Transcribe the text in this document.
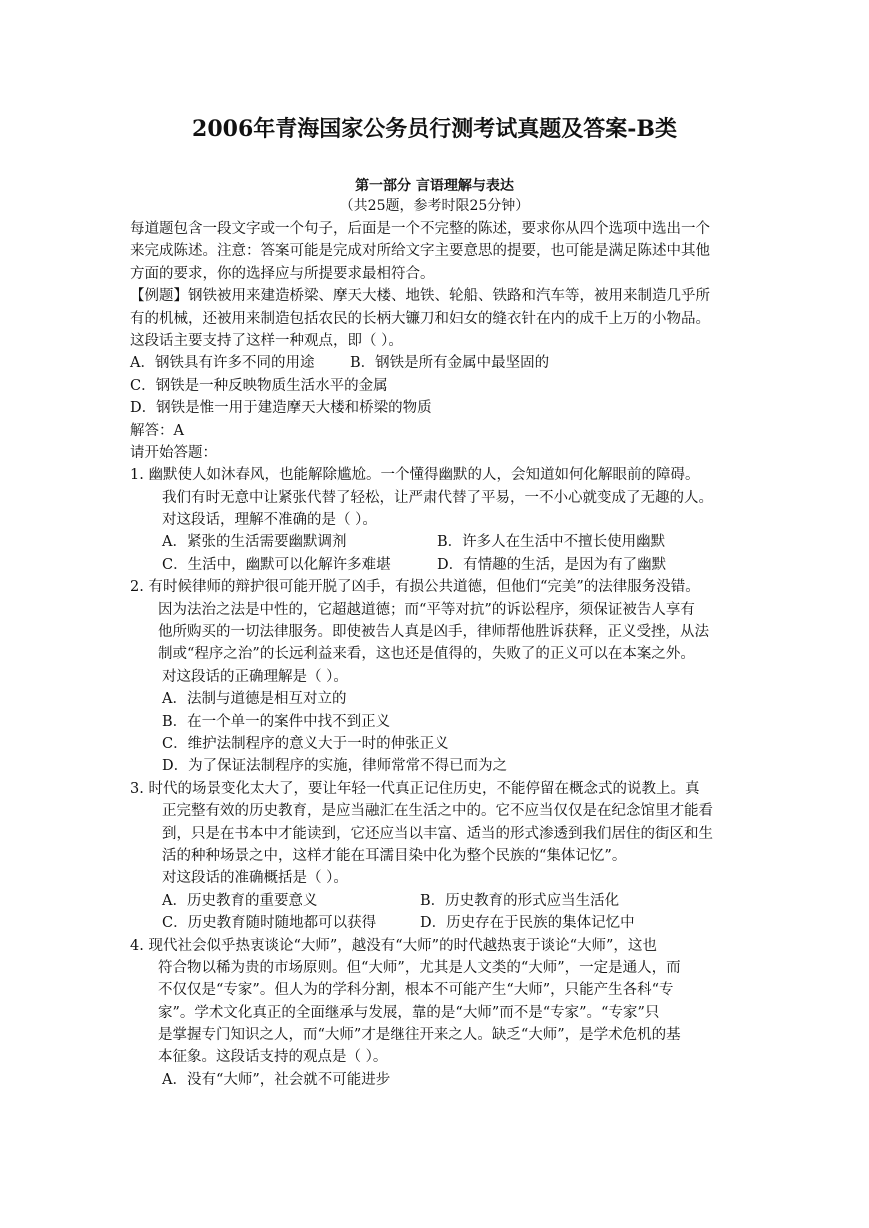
2006年青海国家公务员行测考试真题及答案-B类
第一部分 言语理解与表达
（共25题，参考时限25分钟）
每道题包含一段文字或一个句子，后面是一个不完整的陈述，要求你从四个选项中选出一个
来完成陈述。注意：答案可能是完成对所给文字主要意思的提要，也可能是满足陈述中其他
方面的要求，你的选择应与所提要求最相符合。
【例题】钢铁被用来建造桥梁、摩天大楼、地铁、轮船、铁路和汽车等，被用来制造几乎所
有的机械，还被用来制造包括农民的长柄大镰刀和妇女的缝衣针在内的成千上万的小物品。
这段话主要支持了这样一种观点，即（ ）。
A．钢铁具有许多不同的用途 B．钢铁是所有金属中最坚固的
C．钢铁是一种反映物质生活水平的金属
D．钢铁是惟一用于建造摩天大楼和桥梁的物质
解答：A
请开始答题：
1. 幽默使人如沐春风，也能解除尴尬。一个懂得幽默的人，会知道如何化解眼前的障碍。
我们有时无意中让紧张代替了轻松，让严肃代替了平易，一不小心就变成了无趣的人。
对这段话，理解不准确的是（ ）。
A．紧张的生活需要幽默调剂	B．许多人在生活中不擅长使用幽默
C．生活中，幽默可以化解许多难堪	D．有情趣的生活，是因为有了幽默
2. 有时候律师的辩护很可能开脱了凶手，有损公共道德，但他们“完美”的法律服务没错。
因为法治之法是中性的，它超越道德；而“平等对抗”的诉讼程序，须保证被告人享有
他所购买的一切法律服务。即使被告人真是凶手，律师帮他胜诉获释，正义受挫，从法
制或“程序之治”的长远利益来看，这也还是值得的，失败了的正义可以在本案之外。
对这段话的正确理解是（ ）。
A．法制与道德是相互对立的
B．在一个单一的案件中找不到正义
C．维护法制程序的意义大于一时的伸张正义
D．为了保证法制程序的实施，律师常常不得已而为之
3. 时代的场景变化太大了，要让年轻一代真正记住历史，不能停留在概念式的说教上。真
正完整有效的历史教育，是应当融汇在生活之中的。它不应当仅仅是在纪念馆里才能看
到，只是在书本中才能读到，它还应当以丰富、适当的形式渗透到我们居住的街区和生
活的种种场景之中，这样才能在耳濡目染中化为整个民族的“集体记忆”。
对这段话的准确概括是（ ）。
A．历史教育的重要意义	B．历史教育的形式应当生活化
C．历史教育随时随地都可以获得	D．历史存在于民族的集体记忆中
4. 现代社会似乎热衷谈论“大师”，越没有“大师”的时代越热衷于谈论“大师”，这也
符合物以稀为贵的市场原则。但“大师”，尤其是人文类的“大师”，一定是通人，而
不仅仅是“专家”。但人为的学科分割，根本不可能产生“大师”，只能产生各科“专
家”。学术文化真正的全面继承与发展，靠的是“大师”而不是“专家”。“专家”只
是掌握专门知识之人，而“大师”才是继往开来之人。缺乏“大师”，是学术危机的基
本征象。这段话支持的观点是（ ）。
A．没有“大师”，社会就不可能进步
